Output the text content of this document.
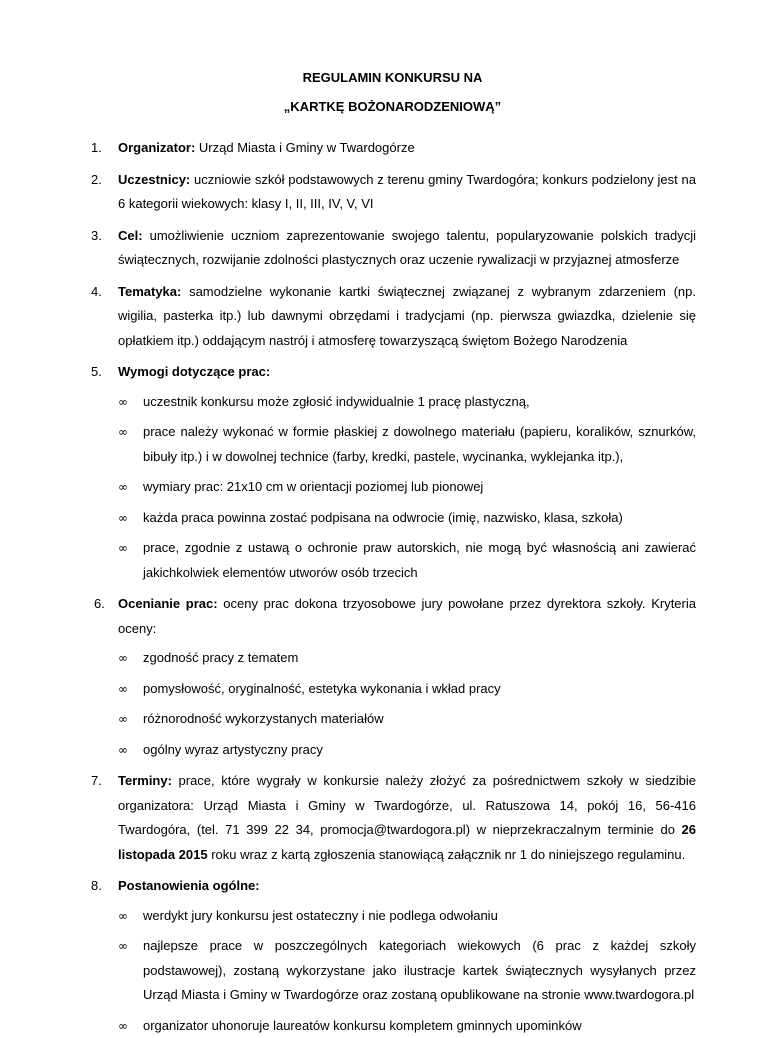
REGULAMIN KONKURSU NA
„KARTKĘ BOŻONARODZENIOWĄ”
1. Organizator: Urząd Miasta i Gminy w Twardogórze
2. Uczestnicy: uczniowie szkół podstawowych z terenu gminy Twardogóra; konkurs podzielony jest na 6 kategorii wiekowych: klasy I, II, III, IV, V, VI
3. Cel: umożliwienie uczniom zaprezentowanie swojego talentu, popularyzowanie polskich tradycji świątecznych, rozwijanie zdolności plastycznych oraz uczenie rywalizacji w przyjaznej atmosferze
4. Tematyka: samodzielne wykonanie kartki świątecznej związanej z wybranym zdarzeniem (np. wigilia, pasterka itp.) lub dawnymi obrzędami i tradycjami (np. pierwsza gwiazdka, dzielenie się opłatkiem itp.) oddającym nastrój i atmosferę towarzyszącą świętom Bożego Narodzenia
5. Wymogi dotyczące prac:
∞ uczestnik konkursu może zgłosić indywidualnie 1 pracę plastyczną,
∞ prace należy wykonać w formie płaskiej z dowolnego materiału (papieru, koralików, sznurków, bibuły itp.) i w dowolnej technice (farby, kredki, pastele, wycinanka, wyklejanka itp.),
∞ wymiary prac: 21x10 cm w orientacji poziomej lub pionowej
∞ każda praca powinna zostać podpisana na odwrocie (imię, nazwisko, klasa, szkoła)
∞ prace, zgodnie z ustawą o ochronie praw autorskich, nie mogą być własnością ani zawierać jakichkolwiek elementów utworów osób trzecich
6. Ocenianie prac: oceny prac dokona trzyosobowe jury powołane przez dyrektora szkoły. Kryteria oceny:
∞ zgodność pracy z tematem
∞ pomysłowość, oryginalność, estetyka wykonania i wkład pracy
∞ różnorodność wykorzystanych materiałów
∞ ogólny wyraz artystyczny pracy
7. Terminy: prace, które wygrały w konkursie należy złożyć za pośrednictwem szkoły w siedzibie organizatora: Urząd Miasta i Gminy w Twardogórze, ul. Ratuszowa 14, pokój 16, 56-416 Twardogóra, (tel. 71 399 22 34, promocja@twardogora.pl) w nieprzekraczalnym terminie do 26 listopada 2015 roku wraz z kartą zgłoszenia stanowiącą załącznik nr 1 do niniejszego regulaminu.
8. Postanowienia ogólne:
∞ werdykt jury konkursu jest ostateczny i nie podlega odwołaniu
∞ najlepsze prace w poszczególnych kategoriach wiekowych (6 prac z każdej szkoły podstawowej), zostaną wykorzystane jako ilustracje kartek świątecznych wysyłanych przez Urząd Miasta i Gminy w Twardogórze oraz zostaną opublikowane na stronie www.twardogora.pl
∞ organizator uhonoruje laureatów konkursu kompletem gminnych upominków
